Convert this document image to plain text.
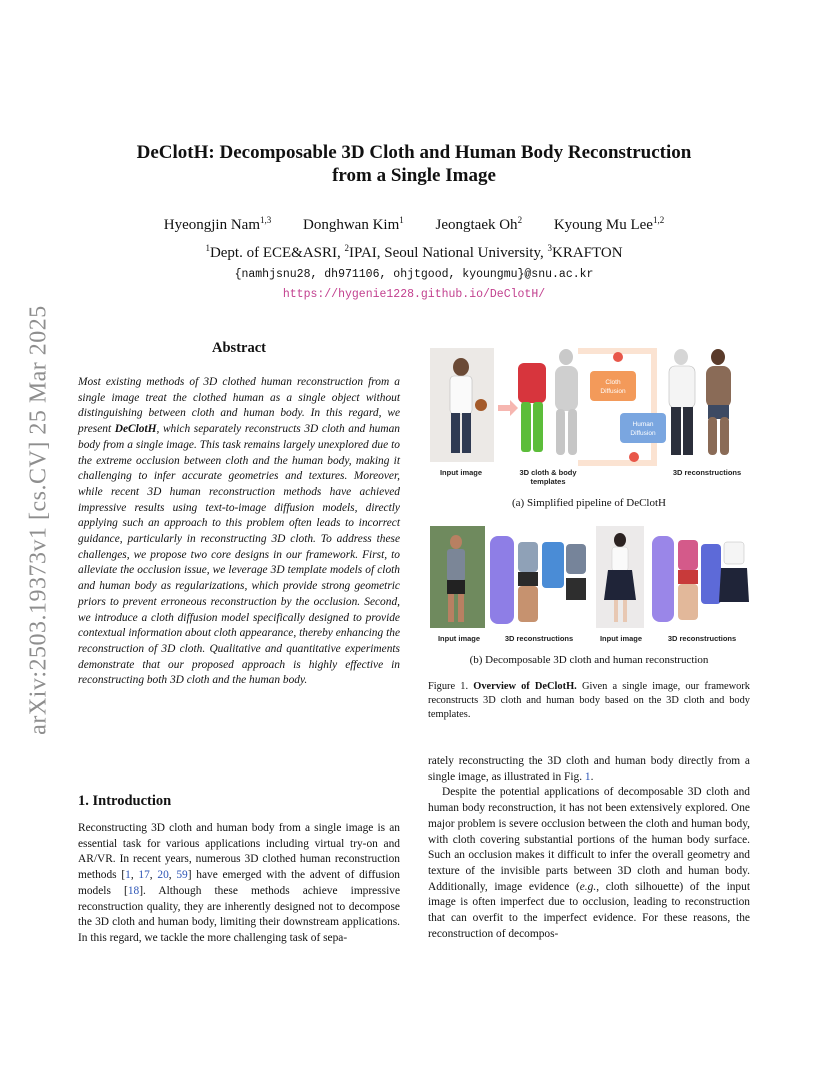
arXiv:2503.19373v1 [cs.CV] 25 Mar 2025
DeClotH: Decomposable 3D Cloth and Human Body Reconstruction
from a Single Image
Hyeongjin Nam$^{1,3}$ Donghwan Kim$^1$ Jeongtaek Oh$^2$ Kyoung Mu Lee$^{1,2}$
$^1$Dept. of ECE&ASRI, $^2$IPAI, Seoul National University, $^3$KRAFTON
{namhjsnu28, dh971106, ohjtgood, kyoungmu}@snu.ac.kr
https://hygenie1228.github.io/DeClotH/
Abstract
Most existing methods of 3D clothed human reconstruction from a single image treat the clothed human as a single object without distinguishing between cloth and human body. In this regard, we present DeClotH, which separately reconstructs 3D cloth and human body from a single image. This task remains largely unexplored due to the extreme occlusion between cloth and the human body, making it challenging to infer accurate geometries and textures. Moreover, while recent 3D human reconstruction methods have achieved impressive results using text-to-image diffusion models, directly applying such an approach to this problem often leads to incorrect guidance, particularly in reconstructing 3D cloth. To address these challenges, we propose two core designs in our framework. First, to alleviate the occlusion issue, we leverage 3D template models of cloth and human body as regularizations, which provide strong geometric priors to prevent erroneous reconstruction by the occlusion. Second, we introduce a cloth diffusion model specifically designed to provide contextual information about cloth appearance, thereby enhancing the reconstruction of 3D cloth. Qualitative and quantitative experiments demonstrate that our proposed approach is highly effective in reconstructing both 3D cloth and the human body.
1. Introduction

Reconstructing 3D cloth and human body from a single image is an essential task for various applications including virtual try-on and AR/VR. In recent years, numerous 3D clothed human reconstruction methods [1, 17, 20, 59] have emerged with the advent of diffusion models [18]. Although these methods achieve impressive reconstruction quality, they are inherently designed not to decompose the 3D cloth and human body, limiting their downstream applications. In this regard, we tackle the more challenging task of sepa-

Cloth
Diffusion
Human
Diffusion
Input image	3D cloth & body templates
3D reconstructions
(a) Simplified pipeline of DeClotH
Input image	3D reconstructions	Input image	3D reconstructions
(b) Decomposable 3D cloth and human reconstruction
Figure 1. Overview of DeClotH. Given a single image, our framework reconstructs 3D cloth and human body based on the 3D cloth and body templates.

rately reconstructing the 3D cloth and human body directly from a single image, as illustrated in Fig. 1.

Despite the potential applications of decomposable 3D cloth and human body reconstruction, it has not been extensively explored. One major problem is severe occlusion between the cloth and human body, with cloth covering substantial portions of the human body surface. Such an occlusion makes it difficult to infer the overall geometry and texture of the invisible parts between 3D cloth and human body. Additionally, image evidence (e.g., cloth silhouette) of the input image is often imperfect due to occlusion, leading to reconstruction that can overfit to the imperfect evidence. For these reasons, the reconstruction of decompos-
